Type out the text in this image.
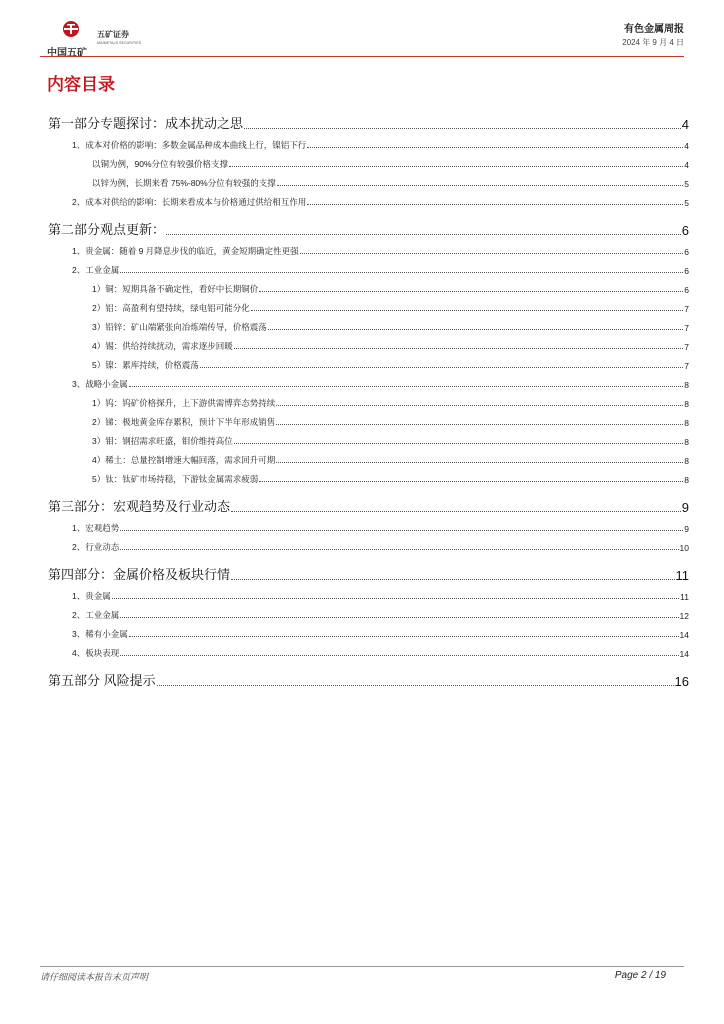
中国五矿
五矿证券
MINMETALS SECURITIES
有色金属周报
2024 年 9 月 4 日
内容目录
第一部分专题探讨：成本扰动之思	4
1、成本对价格的影响：多数金属品种成本曲线上行，镍铝下行	4
以铜为例，90%分位有较强价格支撑	4
以锌为例，长期来看 75%-80%分位有较强的支撑	5
2、成本对供给的影响：长期来看成本与价格通过供给相互作用	5
第二部分观点更新：	6
1、贵金属：随着 9 月降息步伐的临近，黄金短期确定性更强	6
2、工业金属	6
1）铜：短期具备不确定性，看好中长期铜价	6
2）铝：高盈利有望持续，绿电铝可能分化	7
3）铅锌：矿山端紧张向冶炼端传导，价格震荡	7
4）锡：供给持续扰动，需求逐步回暖	7
5）镍：累库持续，价格震荡	7
3、战略小金属	8
1）钨：钨矿价格探升，上下游供需博弈态势持续	8
2）锑：极地黄金库存累积，预计下半年形成销售	8
3）钼：钢招需求旺盛，钼价维持高位	8
4）稀土：总量控制增速大幅回落，需求回升可期	8
5）钛：钛矿市场持稳，下游钛金属需求疲弱	8
第三部分：宏观趋势及行业动态	9
1、宏观趋势	9
2、行业动态	10
第四部分：金属价格及板块行情	11
1、贵金属	11
2、工业金属	12
3、稀有小金属	14
4、板块表现	14
第五部分 风险提示	16
请仔细阅读本报告末页声明	Page 2 / 19
